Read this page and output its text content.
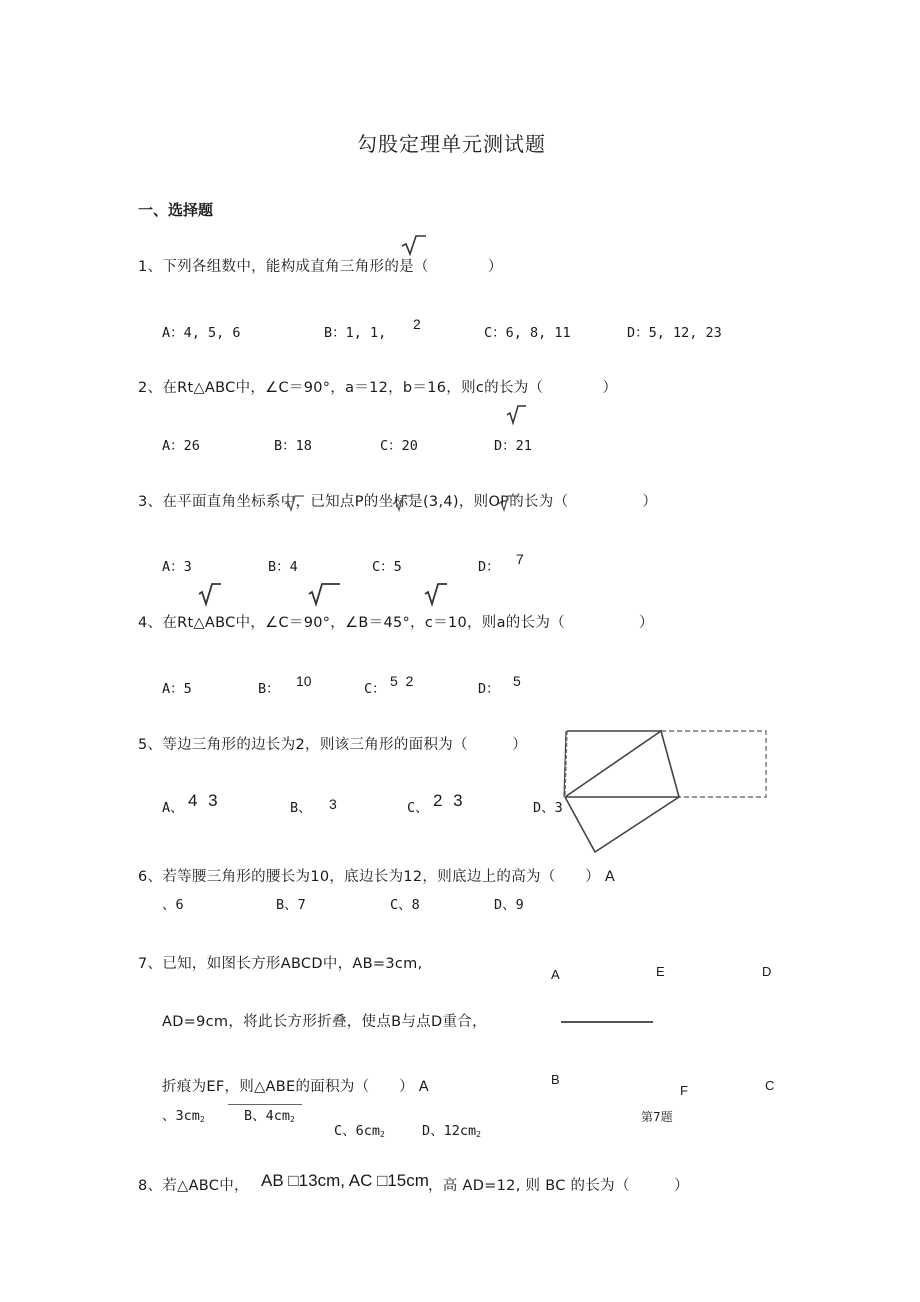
勾股定理单元测试题
一、选择题
1、下列各组数中，能构成直角三角形的是（　　　　）
A：4, 5, 6	B：1, 1,
2
C：6, 8, 11	D：5, 12, 23
2、在Rt△ABC中，∠C＝90°，a＝12，b＝16，则c的长为（　　　　）
A：26	B：18	C：20	D：21
3、在平面直角坐标系中，已知点P的坐标是(3,4)，则OP的长为（　　　　　）
A：3	B：4	C：5	D： 7
4、在Rt△ABC中，∠C＝90°，∠B＝45°，c＝10，则a的长为（　　　　　）
A：5	B： 10	C： 5 2	D： 5
5、等边三角形的边长为2，则该三角形的面积为（　　　）
A、 4 3	B、 3	C、 2 3	D、3
6、若等腰三角形的腰长为10，底边长为12，则底边上的高为（　　） A
、6	B、7	C、8	D、9
7、已知，如图长方形ABCD中，AB=3cm,
AD=9cm，将此长方形折叠，使点B与点D重合，
折痕为EF，则△ABE的面积为（　　） A
、$3cm_2$	B、$4cm_2$
C、$6cm_2$	D、$12cm_2$
A	E	D
B
F	C
第7题
8、若△ABC中， AB □13cm, AC □15cm ，高 AD=12, 则 BC 的长为（　　　）
